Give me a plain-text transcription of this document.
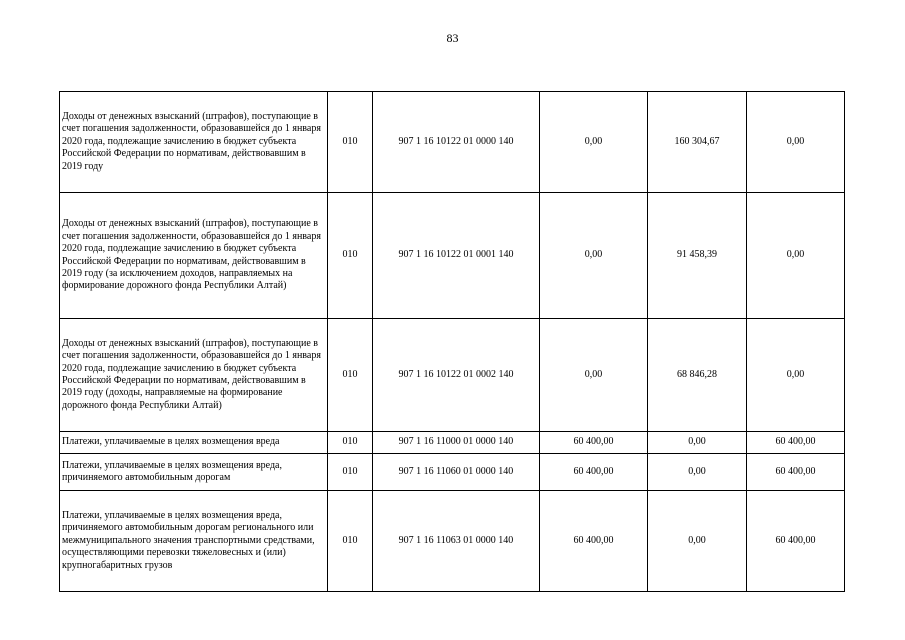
83
Доходы от денежных взысканий (штрафов), поступающие в счет погашения задолженности, образовавшейся до 1 января 2020 года, подлежащие зачислению в бюджет субъекта Российской Федерации по нормативам, действовавшим в 2019 году	010	907 1 16 10122 01 0000 140	0,00	160 304,67	0,00
Доходы от денежных взысканий (штрафов), поступающие в счет погашения задолженности, образовавшейся до 1 января 2020 года, подлежащие зачислению в бюджет субъекта Российской Федерации по нормативам, действовавшим в 2019 году (за исключением доходов, направляемых на формирование дорожного фонда Республики Алтай)	010	907 1 16 10122 01 0001 140	0,00	91 458,39	0,00
Доходы от денежных взысканий (штрафов), поступающие в счет погашения задолженности, образовавшейся до 1 января 2020 года, подлежащие зачислению в бюджет субъекта Российской Федерации по нормативам, действовавшим в 2019 году (доходы, направляемые на формирование дорожного фонда Республики Алтай)	010	907 1 16 10122 01 0002 140	0,00	68 846,28	0,00
Платежи, уплачиваемые в целях возмещения вреда	010	907 1 16 11000 01 0000 140	60 400,00	0,00	60 400,00
Платежи, уплачиваемые в целях возмещения вреда, причиняемого автомобильным дорогам	010	907 1 16 11060 01 0000 140	60 400,00	0,00	60 400,00
Платежи, уплачиваемые в целях возмещения вреда, причиняемого автомобильным дорогам регионального или межмуниципального значения транспортными средствами, осуществляющими перевозки тяжеловесных и (или) крупногабаритных грузов	010	907 1 16 11063 01 0000 140	60 400,00	0,00	60 400,00
